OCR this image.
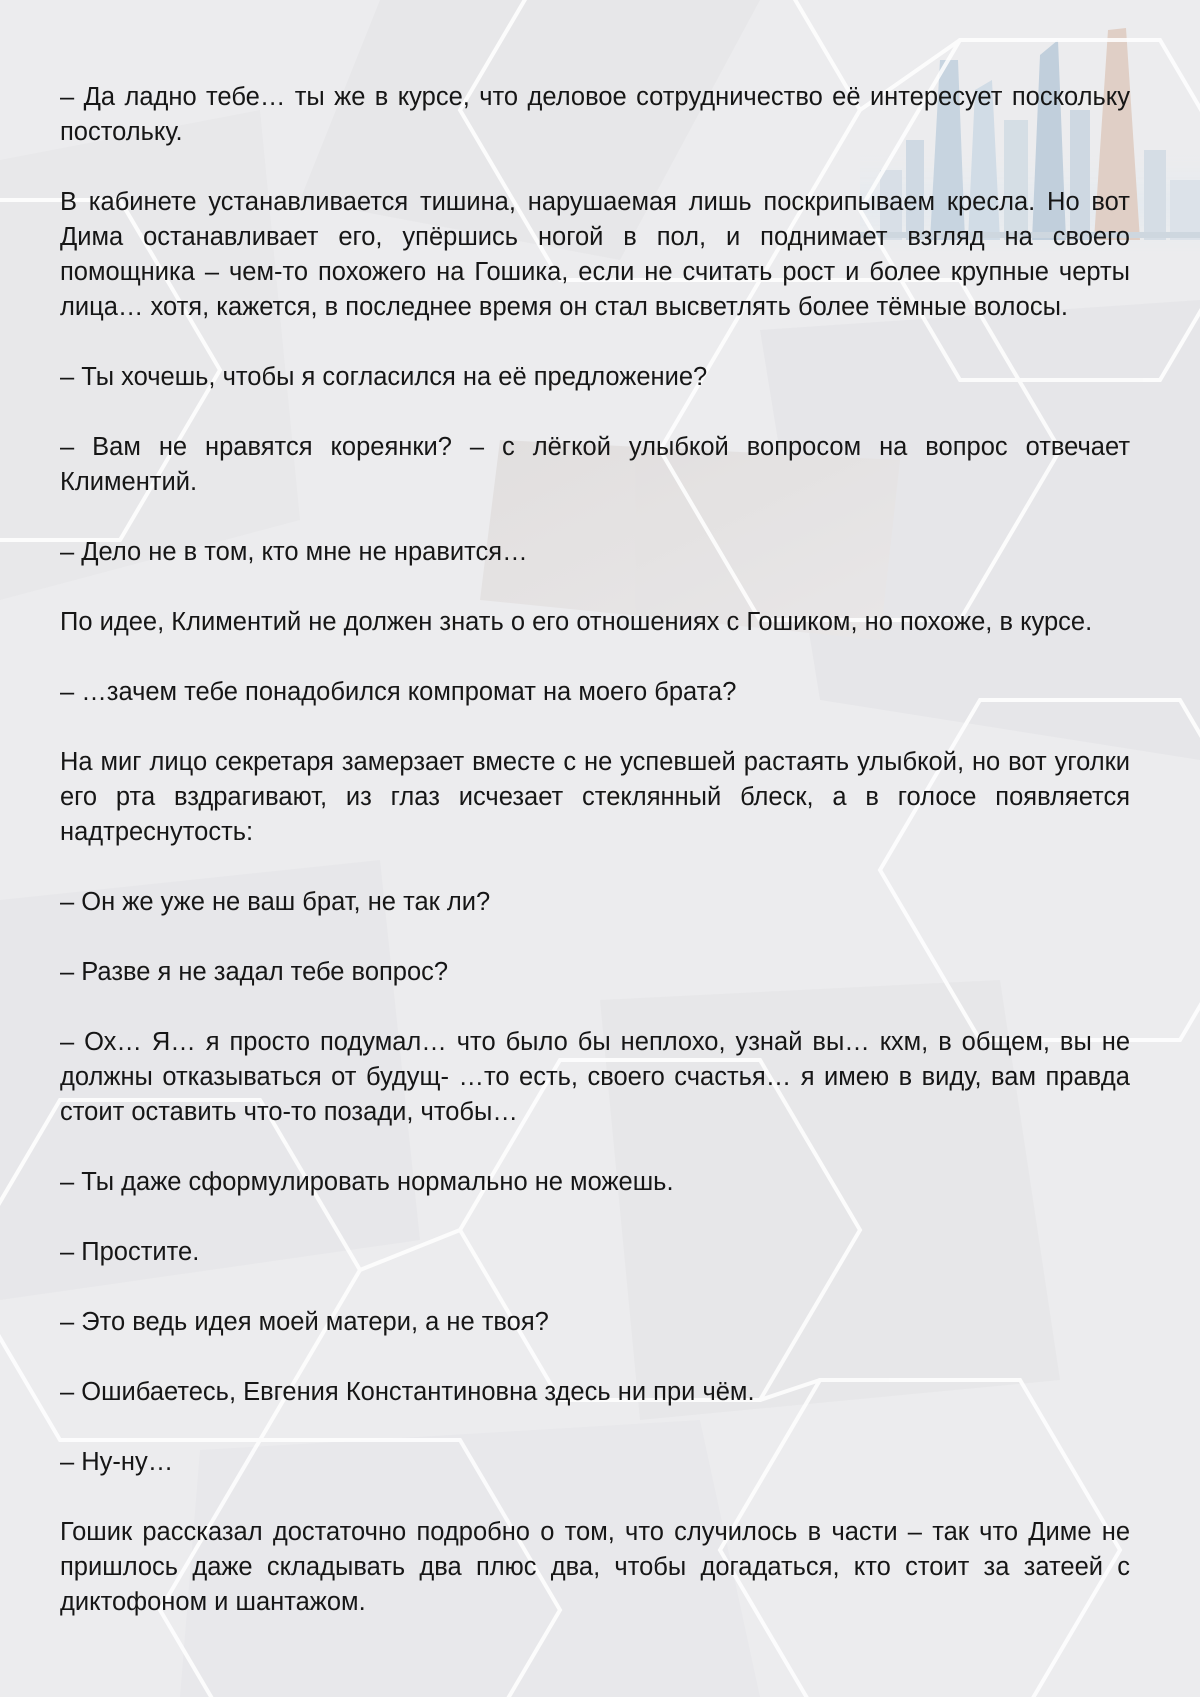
– Да ладно тебе… ты же в курсе, что деловое сотрудничество её интересует поскольку постольку.

В кабинете устанавливается тишина, нарушаемая лишь поскрипываем кресла. Но вот Дима останавливает его, упёршись ногой в пол, и поднимает взгляд на своего помощника – чем-то похожего на Гошика, если не считать рост и более крупные черты лица… хотя, кажется, в последнее время он стал высветлять более тёмные волосы.

– Ты хочешь, чтобы я согласился на её предложение?

– Вам не нравятся кореянки? – с лёгкой улыбкой вопросом на вопрос отвечает Климентий.

– Дело не в том, кто мне не нравится…

По идее, Климентий не должен знать о его отношениях с Гошиком, но похоже, в курсе.

– …зачем тебе понадобился компромат на моего брата?

На миг лицо секретаря замерзает вместе с не успевшей растаять улыбкой, но вот уголки его рта вздрагивают, из глаз исчезает стеклянный блеск, а в голосе появляется надтреснутость:

– Он же уже не ваш брат, не так ли?

– Разве я не задал тебе вопрос?

– Ох… Я… я просто подумал… что было бы неплохо, узнай вы… кхм, в общем, вы не должны отказываться от будущ- …то есть, своего счастья… я имею в виду, вам правда стоит оставить что-то позади, чтобы…

– Ты даже сформулировать нормально не можешь.

– Простите.

– Это ведь идея моей матери, а не твоя?

– Ошибаетесь, Евгения Константиновна здесь ни при чём.

– Ну-ну…

Гошик рассказал достаточно подробно о том, что случилось в части – так что Диме не пришлось даже складывать два плюс два, чтобы догадаться, кто стоит за затеей с диктофоном и шантажом.
